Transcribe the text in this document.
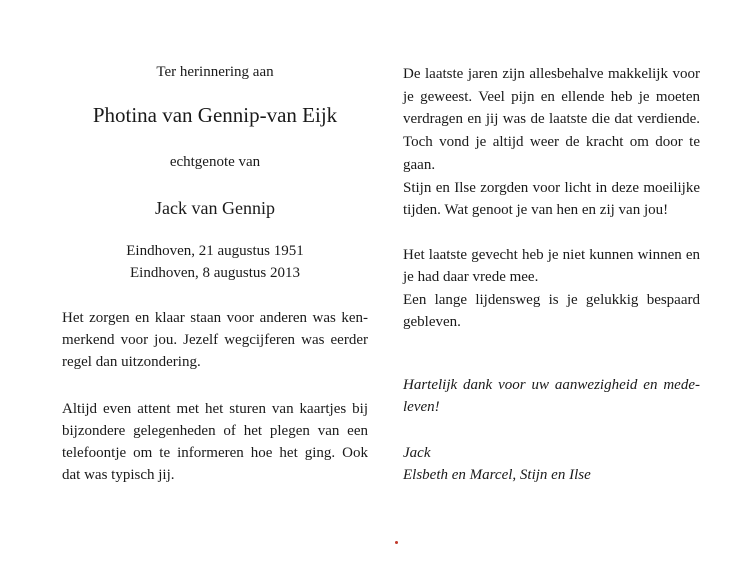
Ter herinnering aan
Photina van Gennip-van Eijk
echtgenote van
Jack van Gennip
Eindhoven, 21 augustus 1951
Eindhoven, 8 augustus 2013
Het zorgen en klaar staan voor anderen was ken-
merkend voor jou. Jezelf wegcijferen was eerder
regel dan uitzondering.
Altijd even attent met het sturen van kaartjes bij
bijzondere gelegenheden of het plegen van een
telefoontje om te informeren hoe het ging. Ook
dat was typisch jij.
De laatste jaren zijn allesbehalve makkelijk voor
je geweest. Veel pijn en ellende heb je moeten
verdragen en jij was de laatste die dat verdiende.
Toch vond je altijd weer de kracht om door te
gaan.
Stijn en Ilse zorgden voor licht in deze moeilijke
tijden. Wat genoot je van hen en zij van jou!
Het laatste gevecht heb je niet kunnen winnen en
je had daar vrede mee.
Een lange lijdensweg is je gelukkig bespaard
gebleven.
Hartelijk dank voor uw aanwezigheid en mede-
leven!
Jack
Elsbeth en Marcel, Stijn en Ilse
